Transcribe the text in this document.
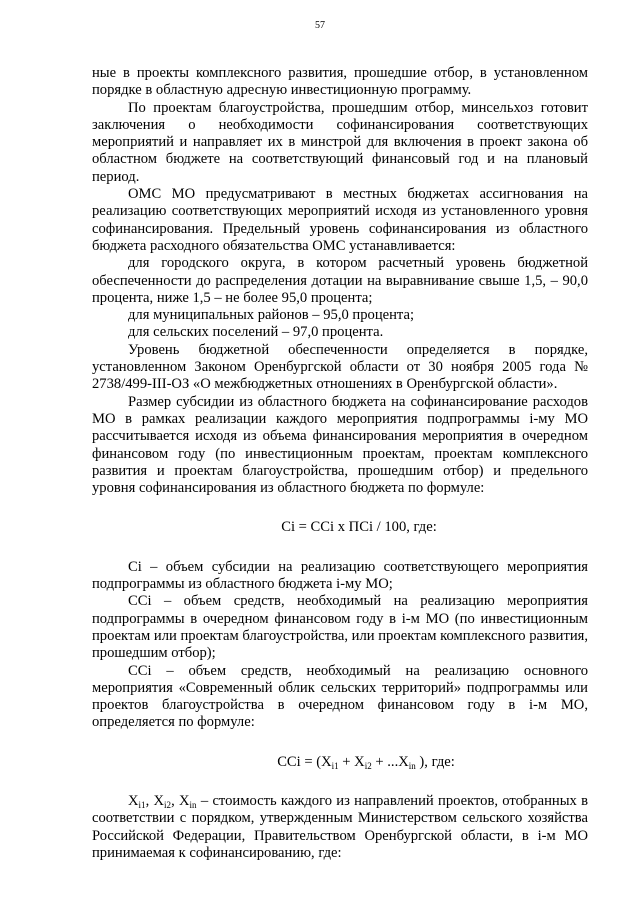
57

ные в проекты комплексного развития, прошедшие отбор, в установленном порядке в областную адресную инвестиционную программу.

По проектам благоустройства, прошедшим отбор, минсельхоз готовит заключения о необходимости софинансирования соответствующих мероприятий и направляет их в минстрой для включения в проект закона об областном бюджете на соответствующий финансовый год и на плановый период.

ОМС МО предусматривают в местных бюджетах ассигнования на реализацию соответствующих мероприятий исходя из установленного уровня софинансирования. Предельный уровень софинансирования из областного бюджета расходного обязательства ОМС устанавливается:

для городского округа, в котором расчетный уровень бюджетной обеспеченности до распределения дотации на выравнивание свыше 1,5, – 90,0 процента, ниже 1,5 – не более 95,0 процента;

для муниципальных районов – 95,0 процента;

для сельских поселений – 97,0 процента.

Уровень бюджетной обеспеченности определяется в порядке, установленном Законом Оренбургской области от 30 ноября 2005 года № 2738/499-III-ОЗ «О межбюджетных отношениях в Оренбургской области».

Размер субсидии из областного бюджета на софинансирование расходов МО в рамках реализации каждого мероприятия подпрограммы i-му МО рассчитывается исходя из объема финансирования мероприятия в очередном финансовом году (по инвестиционным проектам, проектам комплексного развития и проектам благоустройства, прошедшим отбор) и предельного уровня софинансирования из областного бюджета по формуле:

Ci = CCi x ПCi / 100, где:

Ci – объем субсидии на реализацию соответствующего мероприятия подпрограммы из областного бюджета i-му МО;

CCi – объем средств, необходимый на реализацию мероприятия подпрограммы в очередном финансовом году в i-м МО (по инвестиционным проектам или проектам благоустройства, или проектам комплексного развития, прошедшим отбор);

CCi – объем средств, необходимый на реализацию основного мероприятия «Современный облик сельских территорий» подпрограммы или проектов благоустройства в очередном финансовом году в i-м МО, определяется по формуле:

CCi = ($X_{i1} + X_{i2} + ...X_{in}$ ), где:

$X_{i1}$, $X_{i2}$, $X_{in}$ – стоимость каждого из направлений проектов, отобранных в соответствии с порядком, утвержденным Министерством сельского хозяйства Российской Федерации, Правительством Оренбургской области, в i-м МО принимаемая к софинансированию, где:
